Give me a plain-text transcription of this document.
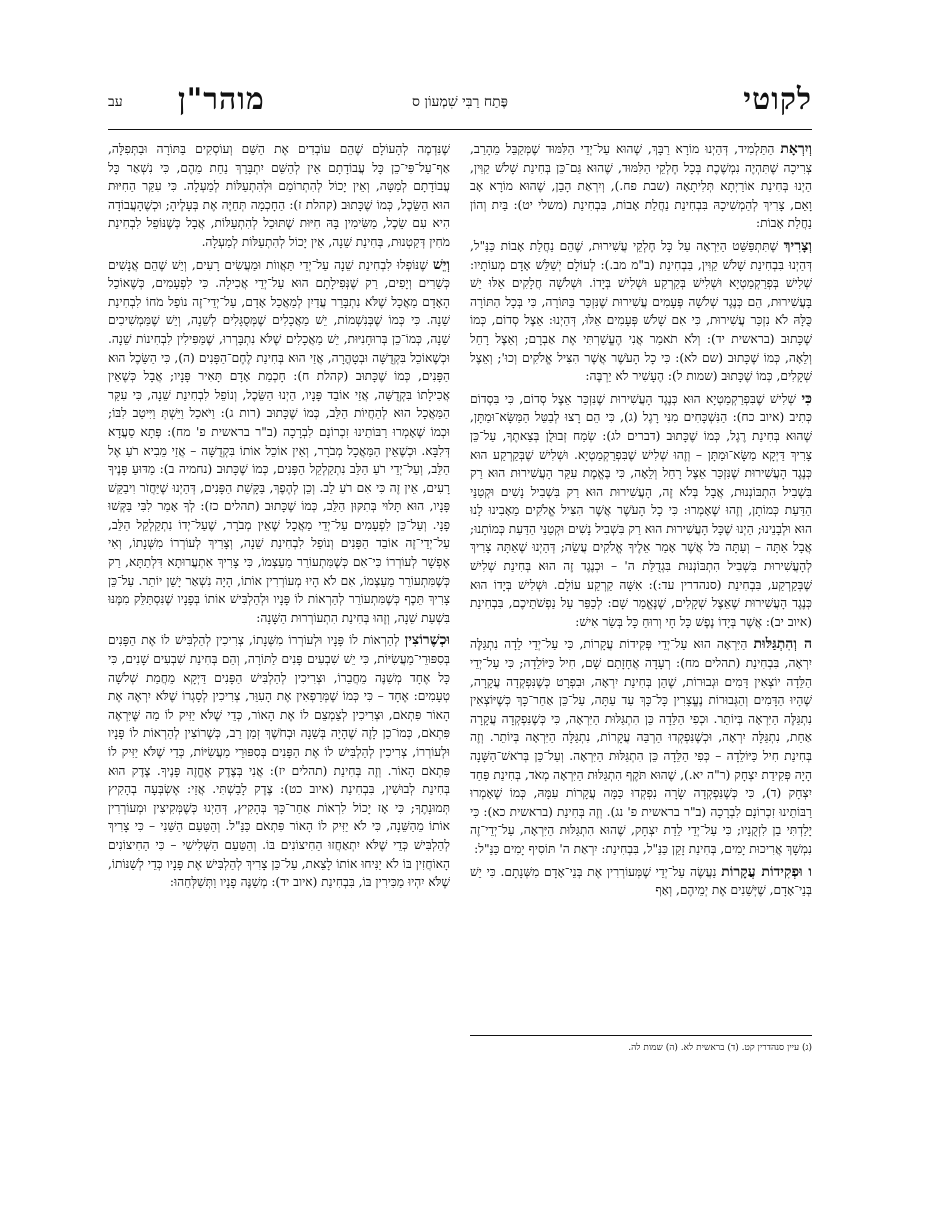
לקוטי
פֶּתַח רַבִּי שִׁמְעוֹן ס
מוהר"ן
עב

וְיִרְאָת הַתַּלְמִיד, דְּהַיְנוּ מוֹרָא רַבָּךְ, שֶׁהוּא עַל־יְדֵי הַלִּמּוּד שֶׁמְּקַבֵּל מֵהָרַב, צְרִיכָה שֶׁתִּהְיֶה נִמְשֶׁכֶת בְּכָל חֶלְקֵי הַלִּמּוּד, שֶׁהוּא גַּם־כֵּן בְּחִינַת שָׁלֹשׁ קַוִּין, הַיְנוּ בְּחִינַת אוֹרַיְתָא תְּלִיתָאָה (שבת פח.), וְיִרְאַת הָבֵן, שֶׁהוּא מוֹרָא אָב וָאֵם, צָרִיךְ לְהַמְשִׁיכָהּ בִּבְחִינַת נַחֲלַת אָבוֹת, בִּבְחִינַת (משלי יט): בַּיִת וְהוֹן נַחֲלַת אָבוֹת:

וְצָרִיךְ שֶׁתִּתְפַּשֵּׁט הַיִּרְאָה עַל כָּל חֶלְקֵי עֲשִׁירוּת, שֶׁהֵם נַחֲלַת אָבוֹת כַּנַּ"ל, דְּהַיְנוּ בִּבְחִינַת שָׁלֹשׁ קַוִּין, בִּבְחִינַת (ב"מ מב.): לְעוֹלָם יְשַׁלֵּשׁ אָדָם מְעוֹתָיו: שְׁלִישׁ בְּפְרַקְמַטְיָא וּשְׁלִישׁ בְּקַרְקַע וּשְׁלִישׁ בְּיָדוֹ. וּשְׁלֹשָׁה חֲלָקִים אֵלּוּ יֵשׁ בָּעֲשִׁירוּת, הֵם כְּנֶגֶד שְׁלֹשָׁה פְּעָמִים עֲשִׁירוּת שֶׁנִּזְכַּר בַּתּוֹרָה, כִּי בְּכָל הַתּוֹרָה כֻּלָּהּ לֹא נִזְכַּר עֲשִׁירוּת, כִּי אִם שָׁלֹשׁ פְּעָמִים אֵלּוּ, דְּהַיְנוּ: אֵצֶל סְדוֹם, כְּמוֹ שֶׁכָּתוּב (בראשית יד): וְלֹא תֹאמַר אֲנִי הֶעֱשַׁרְתִּי אֶת אַבְרָם; וְאֵצֶל רָחֵל וְלֵאָה, כְּמוֹ שֶׁכָּתוּב (שם לא): כִּי כָל הָעֹשֶׁר אֲשֶׁר הִצִּיל אֱלֹקִים וְכוּ'; וְאֵצֶל שְׁקָלִים, כְּמוֹ שֶׁכָּתוּב (שמות ל): הֶעָשִׁיר לֹא יַרְבֶּה:

כִּי שְׁלִישׁ שֶׁבִּפְרַקְמַטְיָא הוּא כְּנֶגֶד הָעֲשִׁירוּת שֶׁנִּזְכַּר אֵצֶל סְדוֹם, כִּי בִּסְדוֹם כְּתִיב (איוב כח): הַנִּשְׁכָּחִים מִנִּי רָגֶל (ג), כִּי הֵם רָצוּ לְבַטֵּל הַמַּשָּׂא־וּמַתָּן, שֶׁהוּא בְּחִינַת רֶגֶל, כְּמוֹ שֶׁכָּתוּב (דברים לג): שְׂמַח זְבוּלֻן בְּצֵאתֶךָ, עַל־כֵּן צָרִיךְ דַּיְקָא מַשָּׂא־וּמַתָּן – וְזֶהוּ שְׁלִישׁ שֶׁבִּפְרַקְמַטְיָא. וּשְׁלִישׁ שֶׁבְּקַרְקַע הוּא כְּנֶגֶד הָעֲשִׁירוּת שֶׁנִּזְכַּר אֵצֶל רָחֵל וְלֵאָה, כִּי בֶּאֱמֶת עִקַּר הָעֲשִׁירוּת הוּא רַק בִּשְׁבִיל הִתְבּוֹנְנוּת, אֲבָל בְּלֹא זֶה, הָעֲשִׁירוּת הוּא רַק בִּשְׁבִיל נָשִׁים וּקְטַנֵּי הַדַּעַת כְּמוֹתָן, וְזֶהוּ שֶׁאָמְרוּ: כִּי כָל הָעֹשֶׁר אֲשֶׁר הִצִּיל אֱלֹקִים מֵאָבִינוּ לָנוּ הוּא וּלְבָנֵינוּ; הַיְנוּ שֶׁכָּל הָעֲשִׁירוּת הוּא רַק בִּשְׁבִיל נָשִׁים וּקְטַנֵּי הַדַּעַת כְּמוֹתָנוּ; אֲבָל אַתָּה – וְעַתָּה כֹּל אֲשֶׁר אָמַר אֵלֶיךָ אֱלֹקִים עֲשֵׂה; דְּהַיְנוּ שֶׁאַתָּה צָרִיךְ לְהָעֲשִׁירוּת בִּשְׁבִיל הִתְבּוֹנְנוּת בִּגְדֻלַּת ה' – וּכְנֶגֶד זֶה הוּא בְּחִינַת שְׁלִישׁ שֶׁבְּקַרְקַע, בִּבְחִינַת (סנהדרין עד:): אִשָּׁה קַרְקַע עוֹלָם. וּשְׁלִישׁ בְּיָדוֹ הוּא כְּנֶגֶד הָעֲשִׁירוּת שֶׁאֵצֶל שְׁקָלִים, שֶׁנֶּאֱמַר שָׁם: לְכַפֵּר עַל נַפְשֹׁתֵיכֶם, בִּבְחִינַת (איוב יב): אֲשֶׁר בְּיָדוֹ נֶפֶשׁ כָּל חָי וְרוּחַ כָּל בְּשַׂר אִישׁ:

ה וְהִתְגַּלּוּת הַיִּרְאָה הוּא עַל־יְדֵי פְּקִידוֹת עֲקָרוֹת, כִּי עַל־יְדֵי לֵדָה נִתְגַּלֶּה יִרְאָה, בִּבְחִינַת (תהלים מח): רְעָדָה אֲחָזָתַם שָׁם, חִיל כַּיּוֹלֵדָה; כִּי עַל־יְדֵי הַלֵּדָה יוֹצְאִין דָּמִים וּגְבוּרוֹת, שֶׁהֵן בְּחִינַת יִרְאָה, וּבִפְרָט כְּשֶׁנִּפְקְדָה עֲקָרָה, שֶׁהָיוּ הַדָּמִים וְהַגְּבוּרוֹת נֶעֱצָרִין כָּל־כָּךְ עַד עַתָּה, עַל־כֵּן אַחַר־כָּךְ כְּשֶׁיּוֹצְאִין נִתְגַּלֶּה הַיִּרְאָה בְּיוֹתֵר. וּכְפִי הַלֵּדָה כֵּן הִתְגַּלּוּת הַיִּרְאָה, כִּי כְּשֶׁנִּפְקְדָה עֲקָרָה אַחַת, נִתְגַּלָּה יִרְאָה, וּכְשֶׁנִּפְקְדוּ הַרְבֵּה עֲקָרוֹת, נִתְגַּלָּה הַיִּרְאָה בְּיוֹתֵר. וְזֶה בְּחִינַת חִיל כַּיּוֹלֵדָה – כְּפִי הַלֵּדָה כֵּן הִתְגַּלּוּת הַיִּרְאָה. וְעַל־כֵּן בְּרֹאשׁ־הַשָּׁנָה הָיָה פְּקִידַת יִצְחָק (ר"ה יא.), שֶׁהוּא תֹּקֶף הִתְגַּלּוּת הַיִּרְאָה מְאֹד, בְּחִינַת פַּחַד יִצְחָק (ד), כִּי כְּשֶׁנִּפְקְדָה שָׂרָה נִפְקְדוּ כַּמָּה עֲקָרוֹת עִמָּהּ, כְּמוֹ שֶׁאָמְרוּ רַבּוֹתֵינוּ זִכְרוֹנָם לִבְרָכָה (ב"ר בראשית פ' נג). וְזֶה בְּחִינַת (בראשית כא): כִּי יָלַדְתִּי בֵן לִזְקֻנָיו; כִּי עַל־יְדֵי לֵדַת יִצְחָק, שֶׁהוּא הִתְגַּלּוּת הַיִּרְאָה, עַל־יְדֵי־זֶה נִמְשָׁךְ אֲרִיכוּת יָמִים, בְּחִינַת זָקֵן כַּנַּ"ל, בִּבְחִינַת: יִרְאַת ה' תּוֹסִיף יָמִים כַּנַּ"ל:

ו וּפְקִידוֹת עֲקָרוֹת נַעֲשֶׂה עַל־יְדֵי שֶׁמְּעוֹרְרִין אֶת בְּנֵי־אָדָם מִשְּׁנָתָם. כִּי יֵשׁ בְּנֵי־אָדָם, שֶׁיְּשֵׁנִים אֶת יְמֵיהֶם, וְאַף

שֶׁנִּדְמֶה לְהָעוֹלָם שֶׁהֵם עוֹבְדִים אֶת הַשֵּׁם וְעוֹסְקִים בַּתּוֹרָה וּבַתְּפִלָּה, אַף־עַל־פִּי־כֵן כָּל עֲבוֹדָתָם אֵין לְהַשֵּׁם יִתְבָּרַךְ נַחַת מֵהֶם, כִּי נִשְׁאַר כָּל עֲבוֹדָתָם לְמַטָּה, וְאֵין יָכוֹל לְהִתְרוֹמֵם וּלְהִתְעַלּוֹת לְמַעְלָה. כִּי עִקַּר הַחִיּוּת הוּא הַשֵּׂכֶל, כְּמוֹ שֶׁכָּתוּב (קהלת ז): הַחָכְמָה תְּחַיֶּה אֶת בְּעָלֶיהָ; וּכְשֶׁהָעֲבוֹדָה הִיא עִם שֵׂכֶל, מַשִּׂימִין בָּהּ חִיּוּת שֶׁתּוּכַל לְהִתְעַלּוֹת, אֲבָל כְּשֶׁנּוֹפֵל לִבְחִינַת מֹחִין דְּקַטְנוּת, בְּחִינַת שֵׁנָה, אֵין יָכוֹל לְהִתְעַלּוֹת לְמַעְלָה.

וְיֵשׁ שֶׁנּוֹפְלוּ לִבְחִינַת שֵׁנָה עַל־יְדֵי תַּאֲווֹת וּמַעֲשִׂים רָעִים, וְיֵשׁ שֶׁהֵם אֲנָשִׁים כְּשֵׁרִים וְיָפִים, רַק שֶׁנְּפִילָתָם הוּא עַל־יְדֵי אֲכִילָה. כִּי לִפְעָמִים, כְּשֶׁאוֹכֵל הָאָדָם מַאֲכָל שֶׁלֹּא נִתְבָּרֵר עֲדַיִן לְמַאֲכַל אָדָם, עַל־יְדֵי־זֶה נוֹפֵל מֹחוֹ לִבְחִינַת שֵׁנָה. כִּי כְּמוֹ שֶׁבְּנִשְׁמוֹת, יֵשׁ מַאֲכָלִים שֶׁמְּסֻגָּלִים לְשֵׁנָה, וְיֵשׁ שֶׁמַּמְשִׁיכִים שֵׁנָה, כְּמוֹ־כֵן בְּרוּחָנִיּוּת, יֵשׁ מַאֲכָלִים שֶׁלֹּא נִתְבָּרְרוּ, שֶׁמַּפִּילִין לִבְחִינוֹת שֵׁנָה. וּכְשֶׁאוֹכֵל בִּקְדֻשָּׁה וּבְטָהֳרָה, אֲזַי הוּא בְּחִינַת לֶחֶם־הַפָּנִים (ה), כִּי הַשֵּׂכֶל הוּא הַפָּנִים, כְּמוֹ שֶׁכָּתוּב (קהלת ח): חָכְמַת אָדָם תָּאִיר פָּנָיו; אֲבָל כְּשֶׁאֵין אֲכִילָתוֹ בִּקְדֻשָּׁה, אֲזַי אוֹבֵד פָּנָיו, הַיְנוּ הַשֵּׂכֶל, וְנוֹפֵל לִבְחִינַת שֵׁנָה, כִּי עִקַּר הַמַּאֲכָל הוּא לְהַחֲיוֹת הַלֵּב, כְּמוֹ שֶׁכָּתוּב (רות ג): וַיֹּאכַל וַיֵּשְׁתְּ וַיִּיטַב לִבּוֹ; וּכְמוֹ שֶׁאָמְרוּ רַבּוֹתֵינוּ זִכְרוֹנָם לִבְרָכָה (ב"ר בראשית פ' מח): פְּתָא סַעֲדָא דְּלִבָּא. וּכְשֶׁאֵין הַמַּאֲכָל מְבֹרָר, וְאֵין אוֹכֵל אוֹתוֹ בִּקְדֻשָּׁה – אֲזַי מֵבִיא רֹעַ אֶל הַלֵּב, וְעַל־יְדֵי רֹעַ הַלֵּב נִתְקַלְקֵל הַפָּנִים, כְּמוֹ שֶׁכָּתוּב (נחמיה ב): מַדּוּעַ פָּנֶיךָ רָעִים, אֵין זֶה כִּי אִם רֹעַ לֵב. וְכֵן לְהֶפֶךְ, בַּקָּשַׁת הַפָּנִים, דְּהַיְנוּ שֶׁיַּחֲזֹר וִיבַקֵּשׁ פָּנָיו, הוּא תָּלוּי בְּתִקּוּן הַלֵּב, כְּמוֹ שֶׁכָּתוּב (תהלים כז): לְךָ אָמַר לִבִּי בַּקְּשׁוּ פָנָי. וְעַל־כֵּן לִפְעָמִים עַל־יְדֵי מַאֲכָל שֶׁאֵין מְבֹרָר, שֶׁעַל־יְדוֹ נִתְקַלְקֵל הַלֵּב, עַל־יְדֵי־זֶה אוֹבֵד הַפָּנִים וְנוֹפֵל לִבְחִינַת שֵׁנָה, וְצָרִיךְ לְעוֹרְרוֹ מִשְּׁנָתוֹ, וְאִי אֶפְשָׁר לְעוֹרְרוֹ כִּי־אִם כְּשֶׁמִּתְעוֹרֵר מֵעַצְמוֹ, כִּי צָרִיךְ אִתְעֲרוּתָא דִּלְתַתָּא, רַק כְּשֶׁמִּתְעוֹרֵר מֵעַצְמוֹ, אִם לֹא הָיוּ מְעוֹרְרִין אוֹתוֹ, הָיָה נִשְׁאַר יָשֵׁן יוֹתֵר. עַל־כֵּן צָרִיךְ תֵּכֶף כְּשֶׁמִּתְעוֹרֵר לְהַרְאוֹת לוֹ פָּנָיו וּלְהַלְבִּישׁ אוֹתוֹ בְּפָנָיו שֶׁנִּסְתַּלֵּק מִמֶּנּוּ בִּשְׁעַת שֵׁנָה, וְזֶהוּ בְּחִינַת הִתְעוֹרְרוּת הַשָּׁנָה:

וּכְשֶׁרוֹצִין לְהַרְאוֹת לוֹ פָּנָיו וּלְעוֹרְרוֹ מִשְּׁנָתוֹ, צְרִיכִין לְהַלְבִּישׁ לוֹ אֶת הַפָּנִים בְּסִפּוּרֵי־מַעֲשִׂיּוֹת, כִּי יֵשׁ שִׁבְעִים פָּנִים לַתּוֹרָה, וְהֵם בְּחִינַת שִׁבְעִים שָׁנִים, כִּי כָּל אֶחָד מְשַׁנֶּה מֵחֲבֵרוֹ, וּצְרִיכִין לְהַלְבִּישׁ הַפָּנִים דַּיְקָא מֵחֲמַת שְׁלֹשָׁה טְעָמִים: אֶחָד – כִּי כְּמוֹ שֶׁמְּרַפְאִין אֶת הָעִוֵּר, צְרִיכִין לְסָגְרוֹ שֶׁלֹּא יִרְאֶה אֶת הָאוֹר פִּתְאֹם, וּצְרִיכִין לְצַמְצֵם לוֹ אֶת הָאוֹר, כְּדֵי שֶׁלֹּא יַזִּיק לוֹ מַה שֶּׁיִּרְאֶה פִּתְאֹם, כְּמוֹ־כֵן לָזֶה שֶׁהָיָה בְּשֵׁנָה וּבְחֹשֶׁךְ זְמַן רַב, כְּשֶׁרוֹצִין לְהַרְאוֹת לוֹ פָּנָיו וּלְעוֹרְרוֹ, צְרִיכִין לְהַלְבִּישׁ לוֹ אֶת הַפָּנִים בְּסִפּוּרֵי מַעֲשִׂיּוֹת, כְּדֵי שֶׁלֹּא יַזִּיק לוֹ פִּתְאֹם הָאוֹר. וְזֶה בְּחִינַת (תהלים יז): אֲנִי בְּצֶדֶק אֶחֱזֶה פָּנֶיךָ. צֶדֶק הוּא בְּחִינַת לְבוּשִׁין, בִּבְחִינַת (איוב כט): צֶדֶק לָבַשְׁתִּי. אֲזַי: אֶשְׂבְּעָה בְהָקִיץ תְּמוּנָתֶךָ; כִּי אָז יָכוֹל לִרְאוֹת אַחַר־כָּךְ בְּהָקִיץ, דְּהַיְנוּ כְּשֶׁמְּקִיצִין וּמְעוֹרְרִין אוֹתוֹ מֵהַשֵּׁנָה, כִּי לֹא יַזִּיק לוֹ הָאוֹר פִּתְאֹם כַּנַּ"ל. וְהַטַּעַם הַשֵּׁנִי – כִּי צָרִיךְ לְהַלְבִּישׁ כְּדֵי שֶׁלֹּא יִתְאַחֲזוּ הַחִיצוֹנִים בּוֹ. וְהַטַּעַם הַשְּׁלִישִׁי – כִּי הַחִיצוֹנִים הָאוֹחֲזִין בּוֹ לֹא יַנִּיחוּ אוֹתוֹ לָצֵאת, עַל־כֵּן צָרִיךְ לְהַלְבִּישׁ אֶת פָּנָיו כְּדֵי לְשַׁנּוֹתוֹ, שֶׁלֹּא יִהְיוּ מַכִּירִין בּוֹ, בִּבְחִינַת (איוב יד): מְשַׁנֶּה פָנָיו וַתְּשַׁלְּחֵהוּ:

(ג) עיין סנהדרין קט. (ד) בראשית לא. (ה) שמות לה.
